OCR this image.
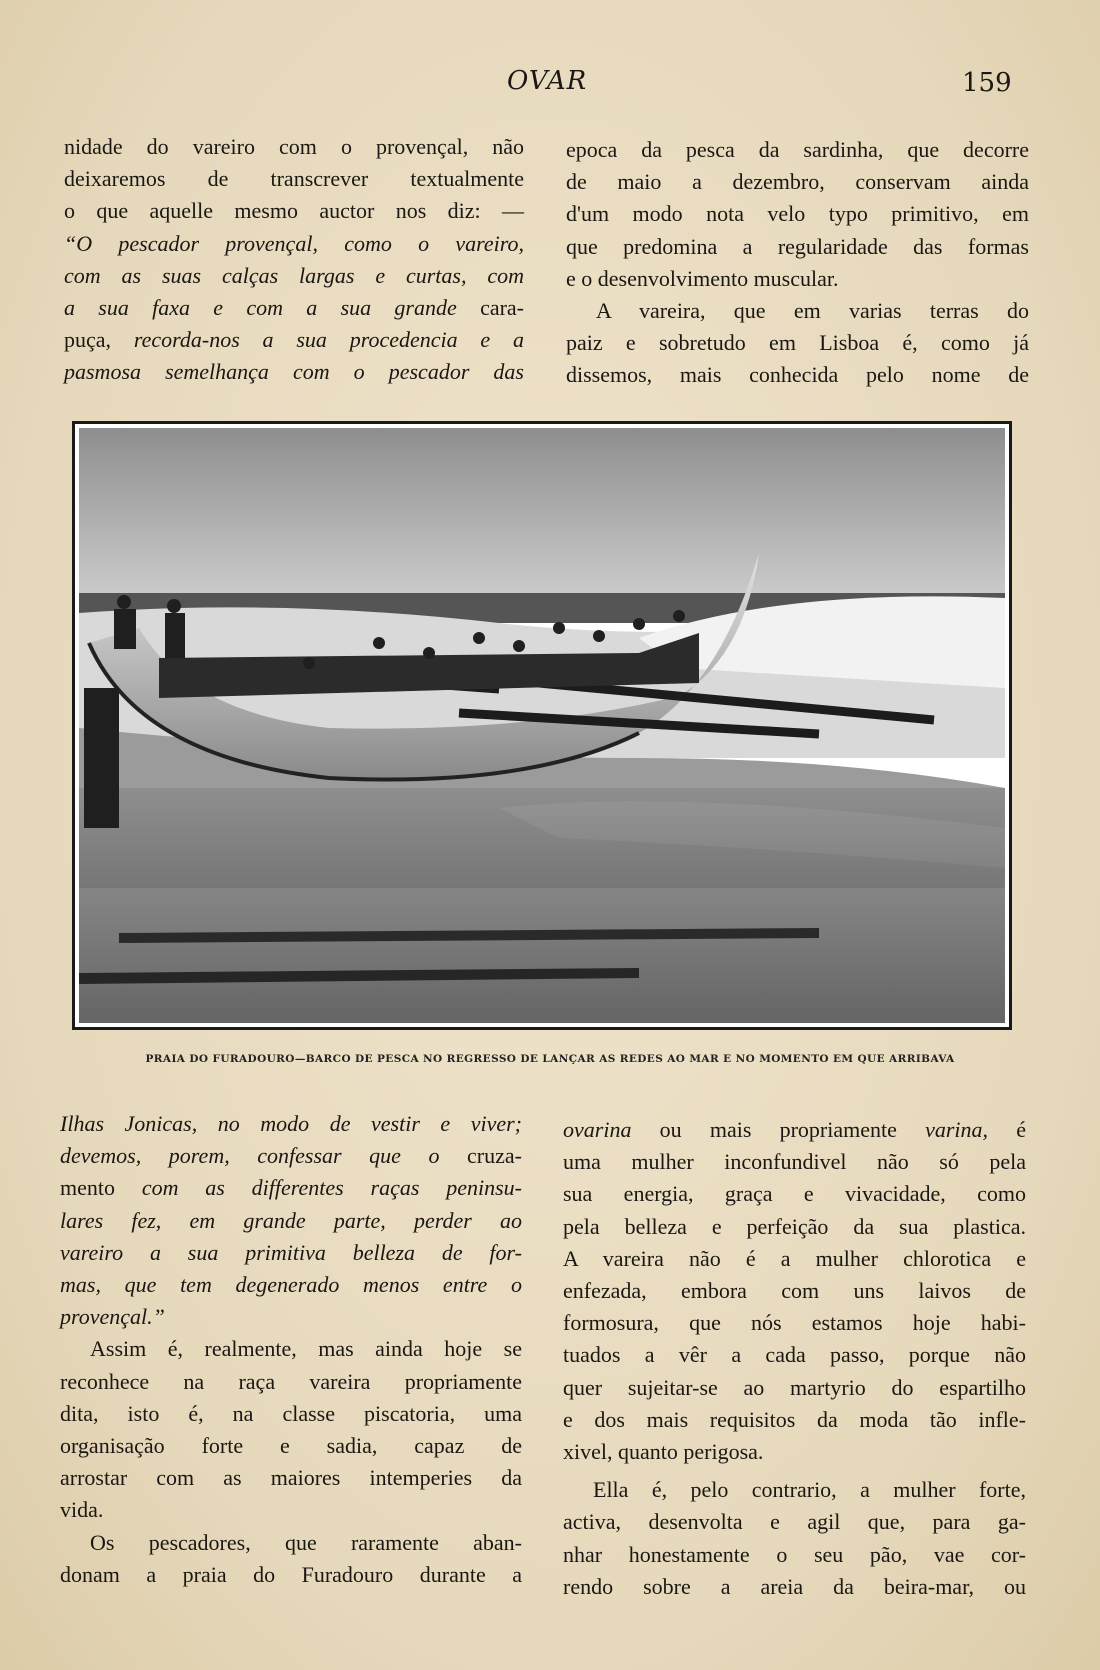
OVAR	159

nidade do vareiro com o provençal, não

deixaremos de transcrever textualmente

o que aquelle mesmo auctor nos diz: —

“O pescador provençal, como o vareiro,

com as suas calças largas e curtas, com

a sua faxa e com a sua grande cara-

puça, recorda-nos a sua procedencia e a

pasmosa semelhança com o pescador das

epoca da pesca da sardinha, que decorre

de maio a dezembro, conservam ainda

d'um modo nota velo typo primitivo, em

que predomina a regularidade das formas

e o desenvolvimento muscular.

A vareira, que em varias terras do

paiz e sobretudo em Lisboa é, como já

dissemos, mais conhecida pelo nome de

PRAIA DO FURADOURO—BARCO DE PESCA NO REGRESSO DE LANÇAR AS REDES AO MAR E NO MOMENTO EM QUE ARRIBAVA

Ilhas Jonicas, no modo de vestir e viver;

devemos, porem, confessar que o cruza-

mento com as differentes raças peninsu-

lares fez, em grande parte, perder ao

vareiro a sua primitiva belleza de for-

mas, que tem degenerado menos entre o

provençal.”

Assim é, realmente, mas ainda hoje se

reconhece na raça vareira propriamente

dita, isto é, na classe piscatoria, uma

organisação forte e sadia, capaz de

arrostar com as maiores intemperies da

vida.

Os pescadores, que raramente aban-

donam a praia do Furadouro durante a

ovarina ou mais propriamente varina, é

uma mulher inconfundivel não só pela

sua energia, graça e vivacidade, como

pela belleza e perfeição da sua plastica.

A vareira não é a mulher chlorotica e

enfezada, embora com uns laivos de

formosura, que nós estamos hoje habi-

tuados a vêr a cada passo, porque não

quer sujeitar-se ao martyrio do espartilho

e dos mais requisitos da moda tão infle-

xivel, quanto perigosa.

Ella é, pelo contrario, a mulher forte,

activa, desenvolta e agil que, para ga-

nhar honestamente o seu pão, vae cor-

rendo sobre a areia da beira-mar, ou
